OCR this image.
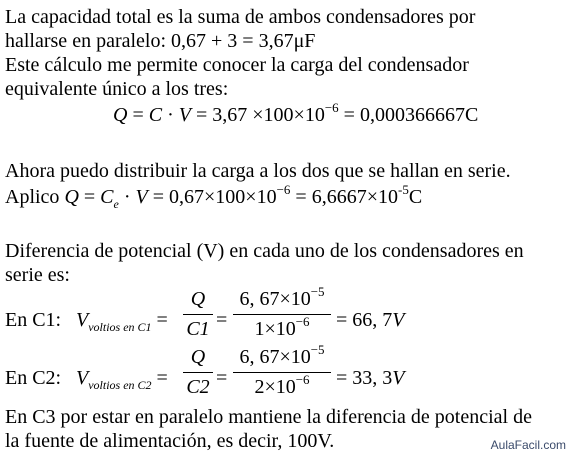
La capacidad total es la suma de ambos condensadores por
hallarse en paralelo: 0,67 + 3 = 3,67μF
Este cálculo me permite conocer la carga del condensador
equivalente único a los tres:
$Q = C \cdot V = 3,67 \times 100\times 10^{-6} = 0,000366667C$
Ahora puedo distribuir la carga a los dos que se hallan en serie.
Aplico $Q = C_e \cdot V = 0,67\times 100\times 10^{-6} = 6,6667\times 10^{-5}C$
Diferencia de potencial (V) en cada uno de los condensadores en
serie es:
En C1: $V_{voltios en C1}$ =
Q
C1 =
6, $67\times 10^{-5}$
$1\times 10^{-6}$	= 66, 7V
En C2: $V_{voltios en C2}$ =
Q
C2 =
6, $67\times 10^{-5}$
$2\times 10^{-6}$	= 33, 3V
En C3 por estar en paralelo mantiene la diferencia de potencial de
la fuente de alimentación, es decir, 100V.	AulaFacil.com
